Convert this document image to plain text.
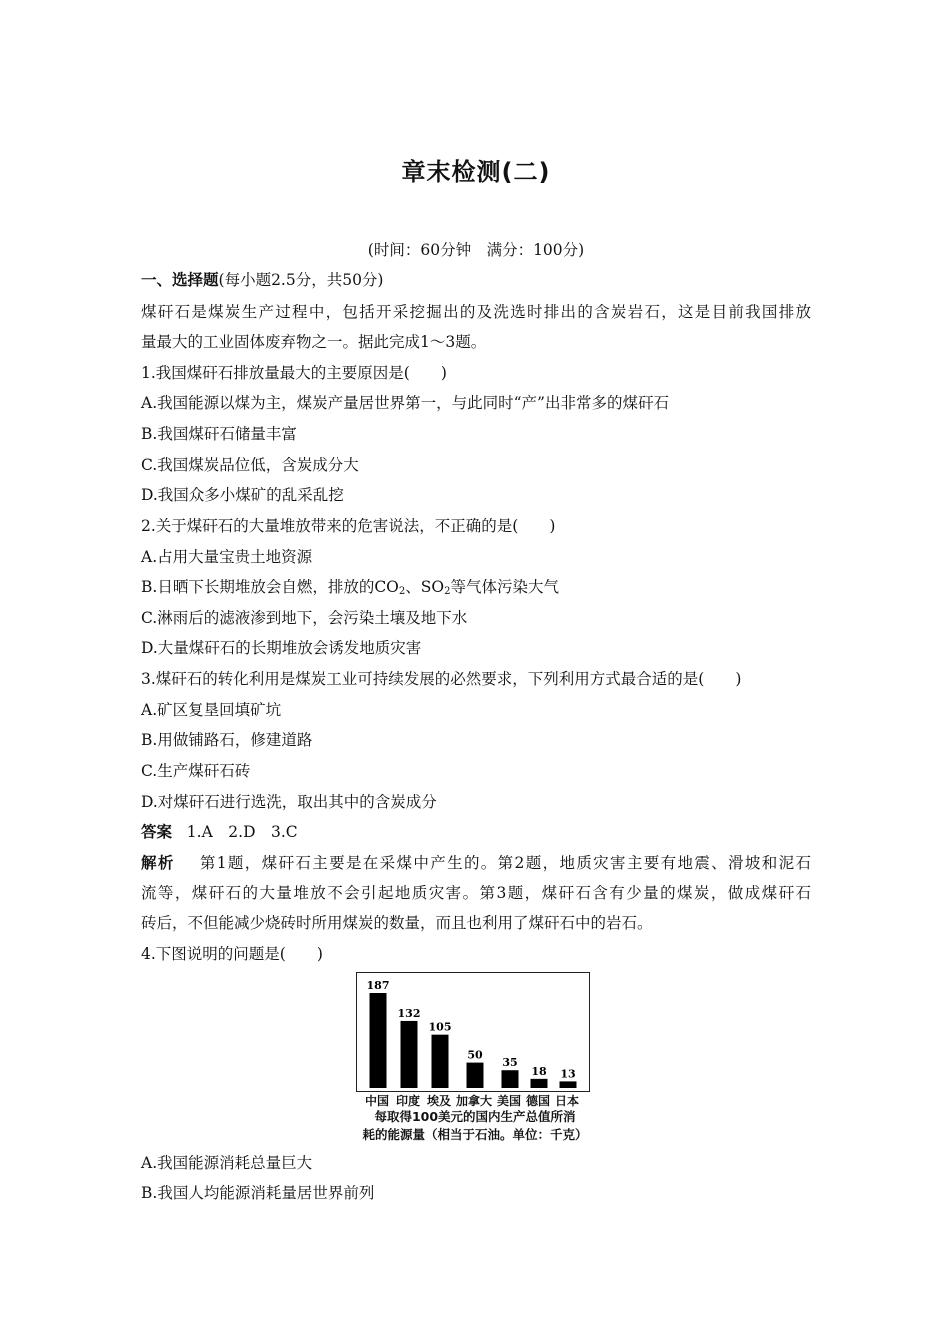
章末检测(二)
(时间：60分钟　满分：100分)
一、选择题(每小题2.5分，共50分)
煤矸石是煤炭生产过程中，包括开采挖掘出的及洗选时排出的含炭岩石，这是目前我国排放
量最大的工业固体废弃物之一。据此完成1～3题。
1.我国煤矸石排放量最大的主要原因是(　　)
A.我国能源以煤为主，煤炭产量居世界第一，与此同时“产”出非常多的煤矸石
B.我国煤矸石储量丰富
C.我国煤炭品位低，含炭成分大
D.我国众多小煤矿的乱采乱挖
2.关于煤矸石的大量堆放带来的危害说法，不正确的是(　　)
A.占用大量宝贵土地资源
B.日晒下长期堆放会自燃，排放的$CO_2$、$SO_2$等气体污染大气
C.淋雨后的滤液渗到地下，会污染土壤及地下水
D.大量煤矸石的长期堆放会诱发地质灾害
3.煤矸石的转化利用是煤炭工业可持续发展的必然要求，下列利用方式最合适的是(　　)
A.矿区复垦回填矿坑
B.用做铺路石，修建道路
C.生产煤矸石砖
D.对煤矸石进行选洗，取出其中的含炭成分
答案 1.A　2.D　3.C
解析 第1题，煤矸石主要是在采煤中产生的。第2题，地质灾害主要有地震、滑坡和泥石
流等，煤矸石的大量堆放不会引起地质灾害。第3题，煤矸石含有少量的煤炭，做成煤矸石
砖后，不但能减少烧砖时所用煤炭的数量，而且也利用了煤矸石中的岩石。
4.下图说明的问题是(　　)
187
132
105
50
35
18 13
中国 印度 埃及 加拿大 美国 德国 日本
每取得100美元的国内生产总值所消
耗的能源量（相当于石油。单位：千克）
A.我国能源消耗总量巨大
B.我国人均能源消耗量居世界前列
